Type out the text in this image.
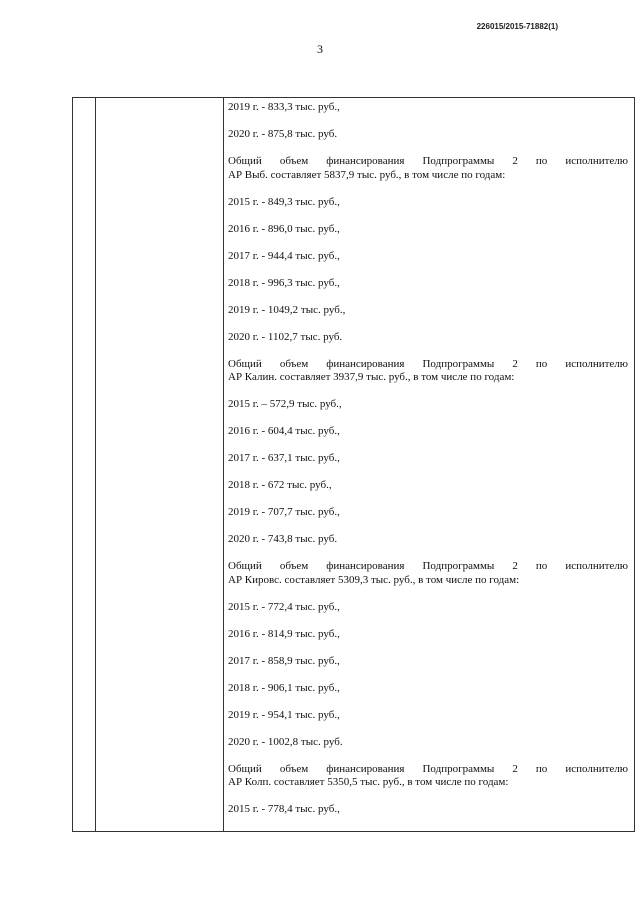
226015/2015-71882(1)
3
2019 г. - 833,3 тыс. руб.,
2020 г. - 875,8 тыс. руб.
Общий объем финансирования Подпрограммы 2 по исполнителю
АР Выб. составляет 5837,9 тыс. руб., в том числе по годам:
2015 г. - 849,3 тыс. руб.,
2016 г. - 896,0 тыс. руб.,
2017 г. - 944,4 тыс. руб.,
2018 г. - 996,3 тыс. руб.,
2019 г. - 1049,2 тыс. руб.,
2020 г. - 1102,7 тыс. руб.
Общий объем финансирования Подпрограммы 2 по исполнителю
АР Калин. составляет 3937,9 тыс. руб., в том числе по годам:
2015 г. – 572,9 тыс. руб.,
2016 г. - 604,4 тыс. руб.,
2017 г. - 637,1 тыс. руб.,
2018 г. - 672 тыс. руб.,
2019 г. - 707,7 тыс. руб.,
2020 г. - 743,8 тыс. руб.
Общий объем финансирования Подпрограммы 2 по исполнителю
АР Кировс. составляет 5309,3 тыс. руб., в том числе по годам:
2015 г. - 772,4 тыс. руб.,
2016 г. - 814,9 тыс. руб.,
2017 г. - 858,9 тыс. руб.,
2018 г. - 906,1 тыс. руб.,
2019 г. - 954,1 тыс. руб.,
2020 г. - 1002,8 тыс. руб.
Общий объем финансирования Подпрограммы 2 по исполнителю
АР Колп. составляет 5350,5 тыс. руб., в том числе по годам:
2015 г. - 778,4 тыс. руб.,
